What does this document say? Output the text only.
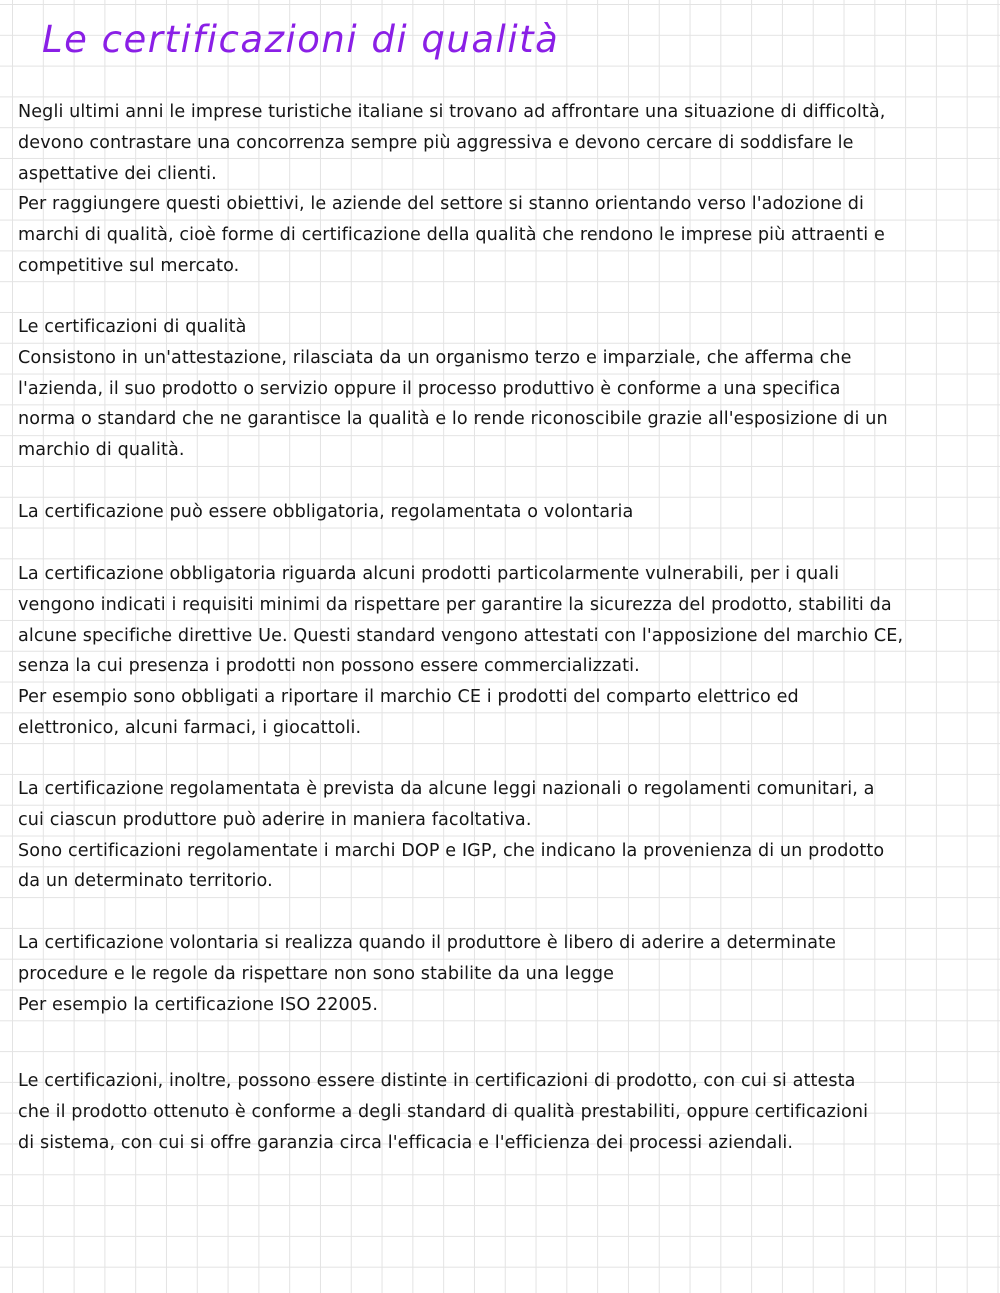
Le certificazioni di qualità
Negli ultimi anni le imprese turistiche italiane si trovano ad affrontare una situazione di difficoltà,
devono contrastare una concorrenza sempre più aggressiva e devono cercare di soddisfare le
aspettative dei clienti.
Per raggiungere questi obiettivi, le aziende del settore si stanno orientando verso l'adozione di
marchi di qualità, cioè forme di certificazione della qualità che rendono le imprese più attraenti e
competitive sul mercato.
Le certificazioni di qualità
Consistono in un'attestazione, rilasciata da un organismo terzo e imparziale, che afferma che
l'azienda, il suo prodotto o servizio oppure il processo produttivo è conforme a una specifica
norma o standard che ne garantisce la qualità e lo rende riconoscibile grazie all'esposizione di un
marchio di qualità.
La certificazione può essere obbligatoria, regolamentata o volontaria
La certificazione obbligatoria riguarda alcuni prodotti particolarmente vulnerabili, per i quali
vengono indicati i requisiti minimi da rispettare per garantire la sicurezza del prodotto, stabiliti da
alcune specifiche direttive Ue. Questi standard vengono attestati con l'apposizione del marchio CE,
senza la cui presenza i prodotti non possono essere commercializzati.
Per esempio sono obbligati a riportare il marchio CE i prodotti del comparto elettrico ed
elettronico, alcuni farmaci, i giocattoli.
La certificazione regolamentata è prevista da alcune leggi nazionali o regolamenti comunitari, a
cui ciascun produttore può aderire in maniera facoltativa.
Sono certificazioni regolamentate i marchi DOP e IGP, che indicano la provenienza di un prodotto
da un determinato territorio.
La certificazione volontaria si realizza quando il produttore è libero di aderire a determinate
procedure e le regole da rispettare non sono stabilite da una legge
Per esempio la certificazione ISO 22005.
Le certificazioni, inoltre, possono essere distinte in certificazioni di prodotto, con cui si attesta
che il prodotto ottenuto è conforme a degli standard di qualità prestabiliti, oppure certificazioni
di sistema, con cui si offre garanzia circa l'efficacia e l'efficienza dei processi aziendali.
